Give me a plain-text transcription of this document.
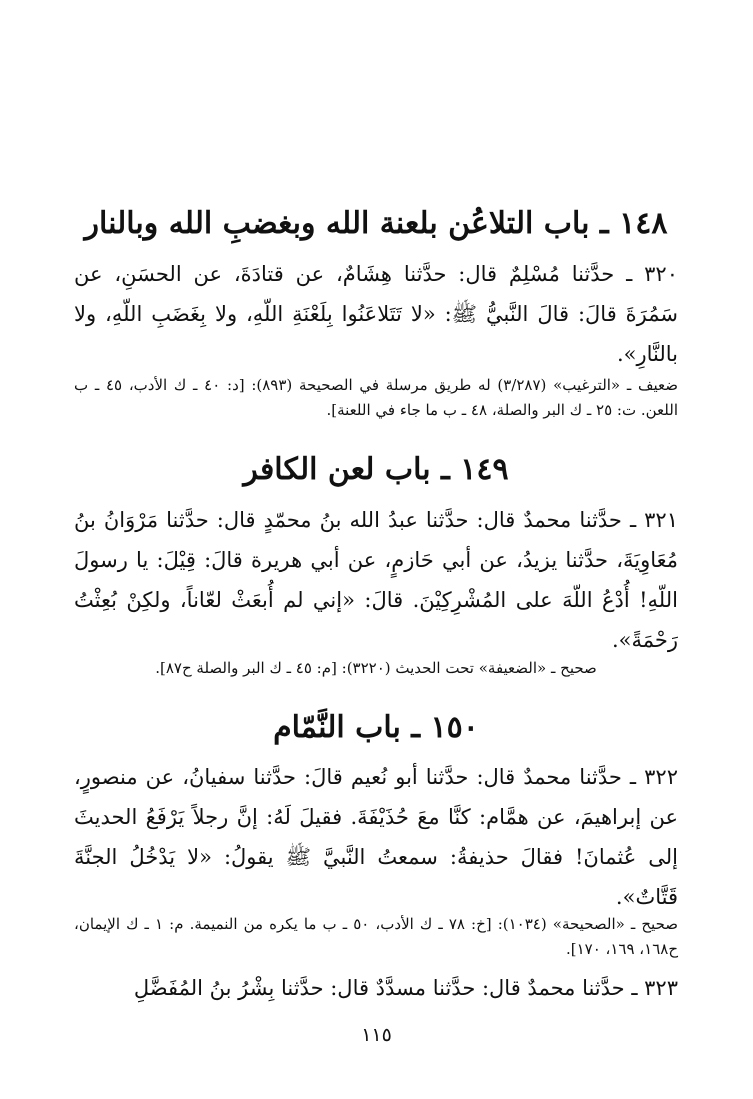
١٤٨ ـ باب التلاعُن بلعنة الله وبغضبِ الله وبالنار
٣٢٠ ـ حدَّثنا مُسْلِمٌ قال: حدَّثنا هِشَامٌ، عن قتادَةَ، عن الحسَنِ، عن سَمُرَةَ قالَ: قالَ النَّبيُّ ﷺ: «لا تَتَلاعَنُوا بِلَعْنَةِ اللّهِ، ولا بِغَضَبِ اللّهِ، ولا بالنَّارِ».
ضعيف ـ «الترغيب» (٣/٢٨٧) له طريق مرسلة في الصحيحة (٨٩٣): [د: ٤٠ ـ ك الأدب، ٤٥ ـ ب اللعن. ت: ٢٥ ـ ك البر والصلة، ٤٨ ـ ب ما جاء في اللعنة].
١٤٩ ـ باب لعن الكافر
٣٢١ ـ حدَّثنا محمدٌ قال: حدَّثنا عبدُ الله بنُ محمّدٍ قال: حدَّثنا مَرْوَانُ بنُ مُعَاوِيَةَ، حدَّثنا يزيدُ، عن أبي حَازمٍ، عن أبي هريرة قالَ: قِيْلَ: يا رسولَ اللّهِ! أُدْعُ اللّهَ على المُشْرِكِيْنَ. قالَ: «إني لم أُبعَثْ لعّاناً، ولكِنْ بُعِثْتُ رَحْمَةً».
صحيح ـ «الضعيفة» تحت الحديث (٣٢٢٠): [م: ٤٥ ـ ك البر والصلة ح٨٧].
١٥٠ ـ باب النَّمّام
٣٢٢ ـ حدَّثنا محمدٌ قال: حدَّثنا أبو نُعيم قالَ: حدَّثنا سفيانُ، عن منصورٍ، عن إبراهيمَ، عن همَّام: كنَّا معَ حُذَيْفَةَ. فقيلَ لَهُ: إنَّ رجلاً يَرْفَعُ الحديثَ إلى عُثمانَ! فقالَ حذيفةُ: سمعتُ النَّبيَّ ﷺ يقولُ: «لا يَدْخُلُ الجنَّةَ قَتَّاتٌ».
صحيح ـ «الصحيحة» (١٠٣٤): [خ: ٧٨ ـ ك الأدب، ٥٠ ـ ب ما يكره من النميمة. م: ١ ـ ك الإيمان، ح١٦٨، ١٦٩، ١٧٠].
٣٢٣ ـ حدَّثنا محمدٌ قال: حدَّثنا مسدَّدٌ قال: حدَّثنا بِشْرُ بنُ المُفَضَّلِ
١١٥
